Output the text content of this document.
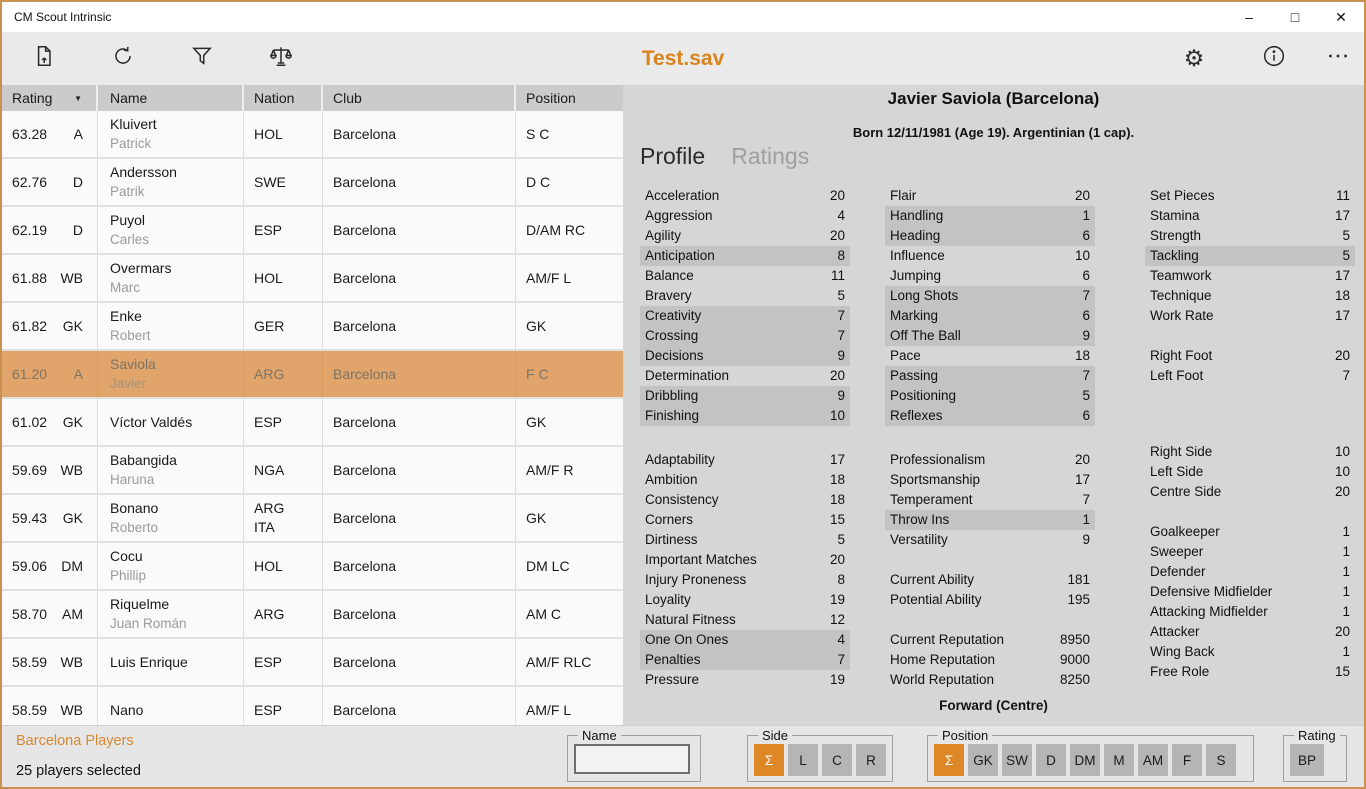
CM Scout Intrinsic	–	□	✕
Test.sav	⚙
Rating	▼ Name	Nation	Club	Position
63.28 A
Kluivert
Patrick
HOL	Barcelona	S C
62.76 D
Andersson
Patrik
SWE	Barcelona	D C
62.19 D
Puyol
Carles
ESP	Barcelona	D/AM RC
61.88 WB
Overmars
Marc
HOL	Barcelona	AM/F L
61.82 GK
Enke
Robert
GER	Barcelona	GK
61.20 A
Saviola
Javier
ARG	Barcelona	F C
61.02 GK Víctor Valdés	ESP	Barcelona	GK
59.69 WB
Babangida
Haruna
NGA	Barcelona	AM/F R
59.43 GK
Bonano
Roberto
ARG
ITA
Barcelona	GK
59.06 DM
Cocu
Phillip
HOL	Barcelona	DM LC
58.70 AM
Riquelme
Juan Román
ARG	Barcelona	AM C
58.59 WB Luis Enrique	ESP	Barcelona	AM/F RLC
58.59 WB Nano	ESP	Barcelona	AM/F L
Javier Saviola (Barcelona)
Born 12/11/1981 (Age 19). Argentinian (1 cap).
Profile Ratings
Acceleration	20
Aggression	4
Agility	20
Anticipation	8
Balance	11
Bravery	5
Creativity	7
Crossing	7
Decisions	9
Determination	20
Dribbling	9
Finishing	10
Adaptability	17
Ambition	18
Consistency	18
Corners	15
Dirtiness	5
Important Matches	20
Injury Proneness	8
Loyality	19
Natural Fitness	12
One On Ones	4
Penalties	7
Pressure	19
Flair	20
Handling	1
Heading	6
Influence	10
Jumping	6
Long Shots	7
Marking	6
Off The Ball	9
Pace	18
Passing	7
Positioning	5
Reflexes	6
Professionalism	20
Sportsmanship	17
Temperament	7
Throw Ins	1
Versatility	9
Current Ability	181
Potential Ability	195
Current Reputation	8950
Home Reputation	9000
World Reputation	8250
Set Pieces	11
Stamina	17
Strength	5
Tackling	5
Teamwork	17
Technique	18
Work Rate	17
Right Foot	20
Left Foot	7
Right Side	10
Left Side	10
Centre Side	20
Goalkeeper	1
Sweeper	1
Defender	1
Defensive Midfielder	1
Attacking Midfielder	1
Attacker	20
Wing Back	1
Free Role	15
Forward (Centre)
Barcelona Players
25 players selected
Name	Side
Σ	L	C	R
Position
Σ	GK SW	D	DM	M	AM	F	S
Rating
BP
